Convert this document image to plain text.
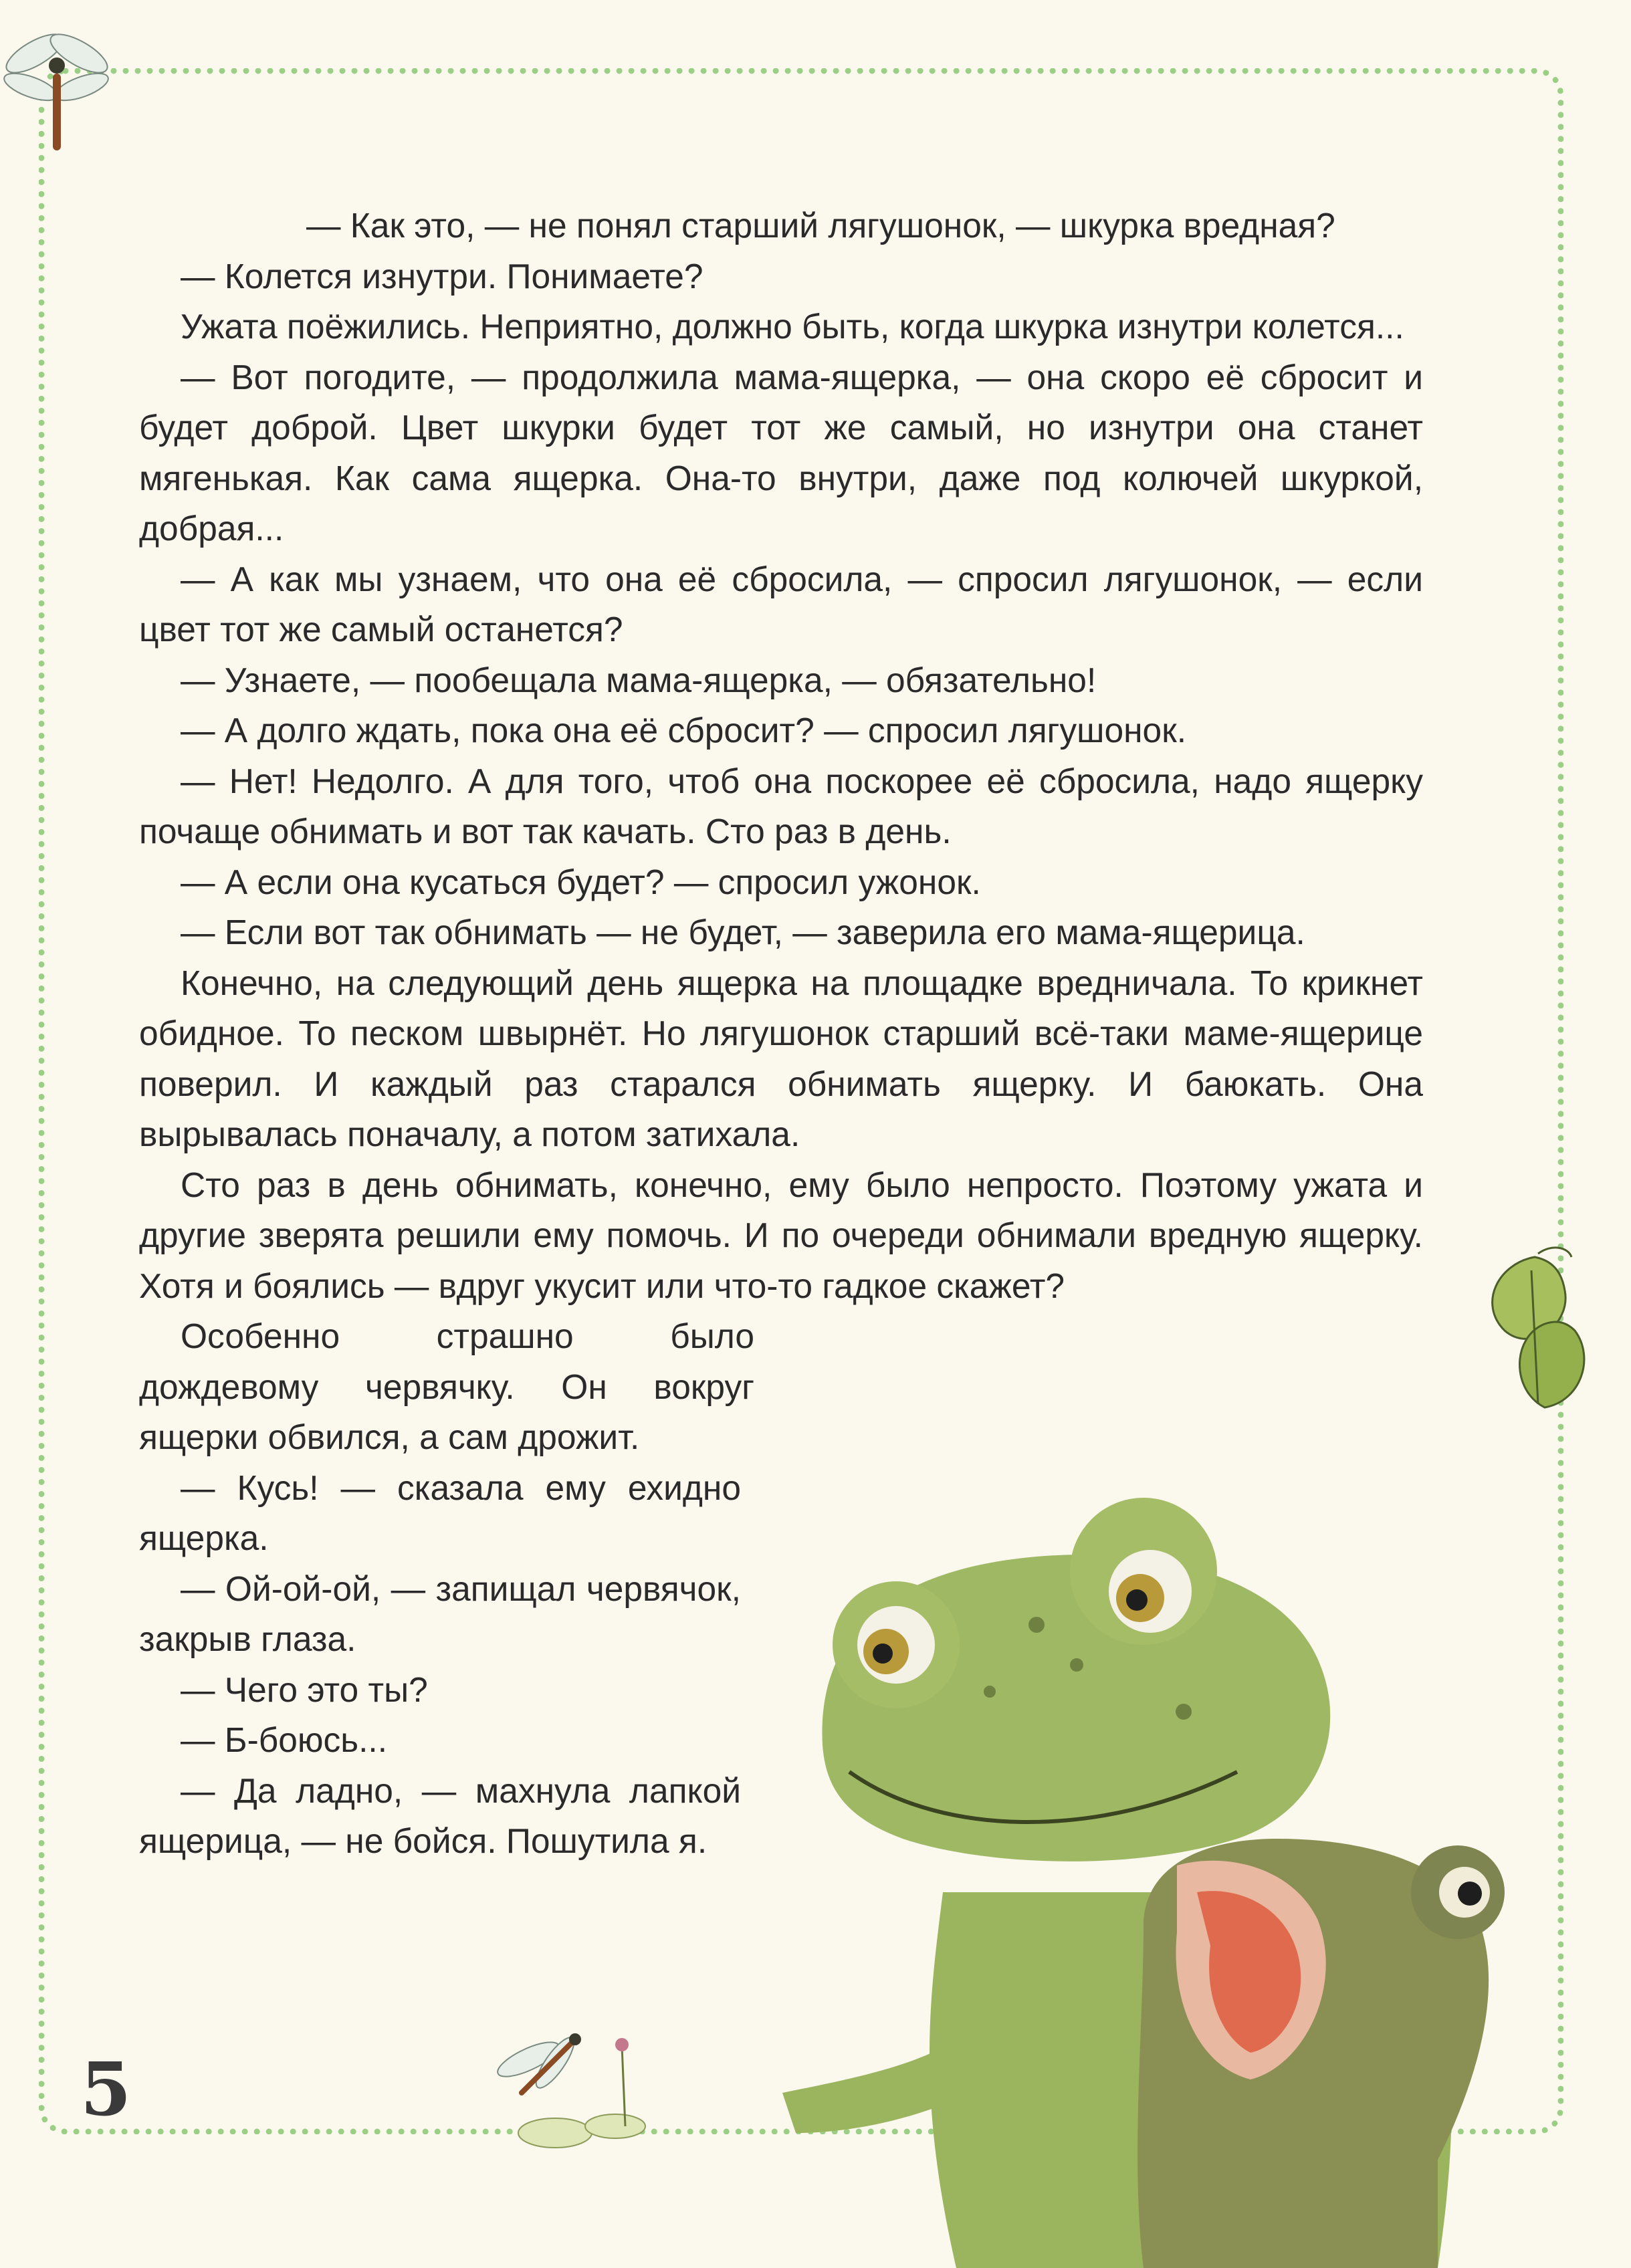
— Как это, — не понял старший лягушонок, — шкурка вредная?

— Колется изнутри. Понимаете?

Ужата поёжились. Неприятно, должно быть, когда шкурка изнутри колется...

— Вот погодите, — продолжила мама-ящерка, — она скоро её сбросит и будет доброй. Цвет шкурки будет тот же самый, но изнутри она станет мягенькая. Как сама ящерка. Она-то внутри, даже под колючей шкуркой, добрая...

— А как мы узнаем, что она её сбросила, — спросил лягушонок, — если цвет тот же самый останется?

— Узнаете, — пообещала мама-ящерка, — обязательно!

— А долго ждать, пока она её сбросит? — спросил лягушонок.

— Нет! Недолго. А для того, чтоб она поскорее её сбросила, надо ящерку почаще обнимать и вот так качать. Сто раз в день.

— А если она кусаться будет? — спросил ужонок.

— Если вот так обнимать — не будет, — заверила его мама-ящерица.

Конечно, на следующий день ящерка на площадке вредничала. То крикнет обидное. То песком швырнёт. Но лягушонок старший всё-таки маме-ящерице поверил. И каждый раз старался обнимать ящерку. И баюкать. Она вырывалась поначалу, а потом затихала.

Сто раз в день обнимать, конечно, ему было непросто. Поэтому ужата и другие зверята решили ему помочь. И по очереди обнимали вредную ящерку. Хотя и боялись — вдруг укусит или что-то гадкое скажет?

Особенно страшно было дождевому червячку. Он вокруг ящерки обвился, а сам дрожит.

— Кусь! — сказала ему ехидно ящерка.

— Ой-ой-ой, — запищал червячок, закрыв глаза.

— Чего это ты?

— Б-боюсь...

— Да ладно, — махнула лапкой ящерица, — не бойся. Пошутила я.

5
